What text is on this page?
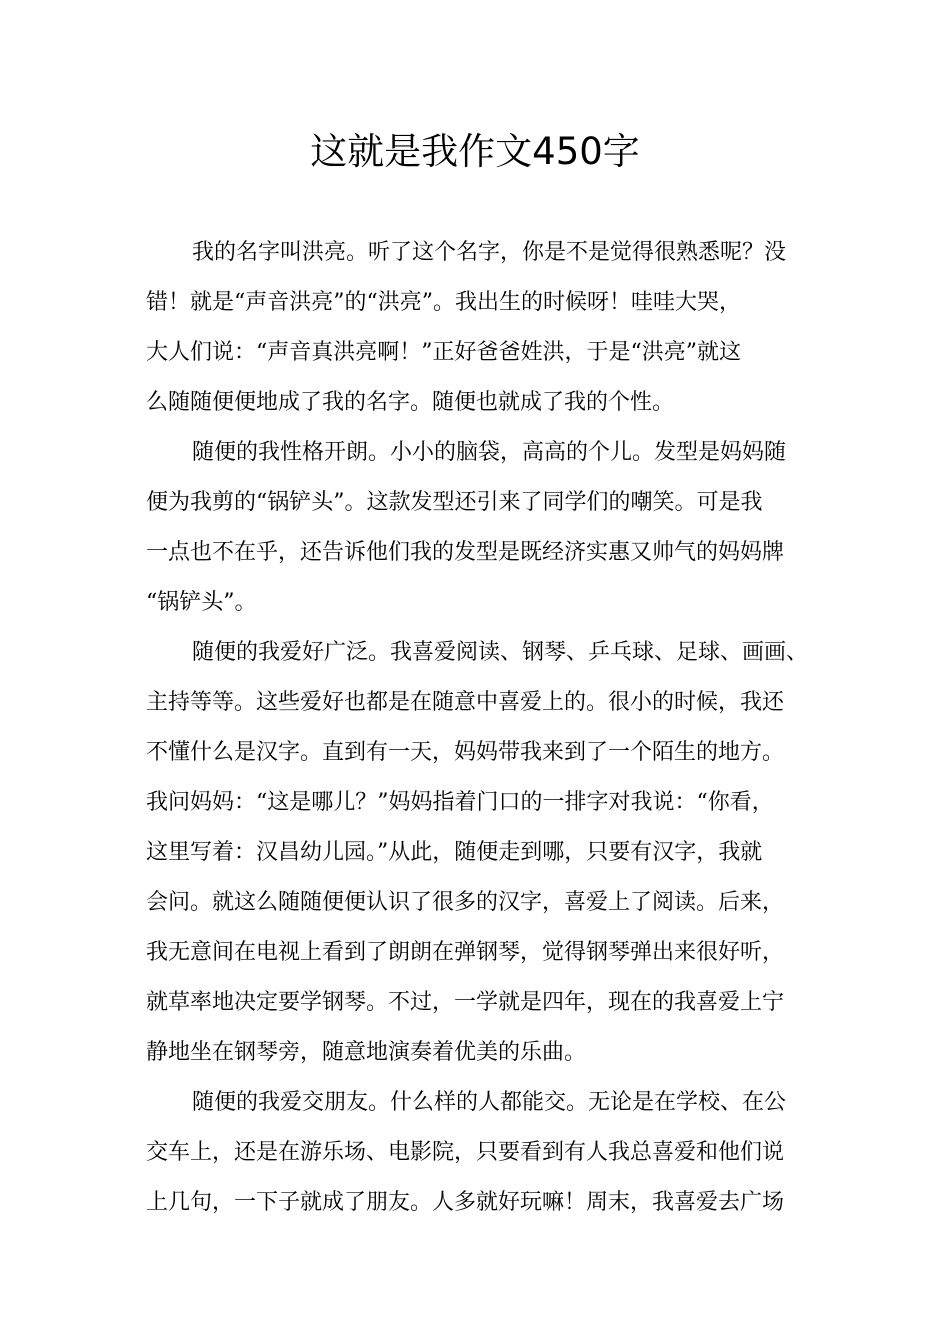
这就是我作文450字
我的名字叫洪亮。听了这个名字，你是不是觉得很熟悉呢？没
错！就是“声音洪亮”的“洪亮”。我出生的时候呀！哇哇大哭，
大人们说：“声音真洪亮啊！”正好爸爸姓洪，于是“洪亮”就这
么随随便便地成了我的名字。随便也就成了我的个性。
随便的我性格开朗。小小的脑袋，高高的个儿。发型是妈妈随
便为我剪的“锅铲头”。这款发型还引来了同学们的嘲笑。可是我
一点也不在乎，还告诉他们我的发型是既经济实惠又帅气的妈妈牌
“锅铲头”。
随便的我爱好广泛。我喜爱阅读、钢琴、乒乓球、足球、画画、
主持等等。这些爱好也都是在随意中喜爱上的。很小的时候，我还
不懂什么是汉字。直到有一天，妈妈带我来到了一个陌生的地方。
我问妈妈：“这是哪儿？”妈妈指着门口的一排字对我说：“你看，
这里写着：汉昌幼儿园。”从此，随便走到哪，只要有汉字，我就
会问。就这么随随便便认识了很多的汉字，喜爱上了阅读。后来，
我无意间在电视上看到了朗朗在弹钢琴，觉得钢琴弹出来很好听，
就草率地决定要学钢琴。不过，一学就是四年，现在的我喜爱上宁
静地坐在钢琴旁，随意地演奏着优美的乐曲。
随便的我爱交朋友。什么样的人都能交。无论是在学校、在公
交车上，还是在游乐场、电影院，只要看到有人我总喜爱和他们说
上几句，一下子就成了朋友。人多就好玩嘛！周末，我喜爱去广场
